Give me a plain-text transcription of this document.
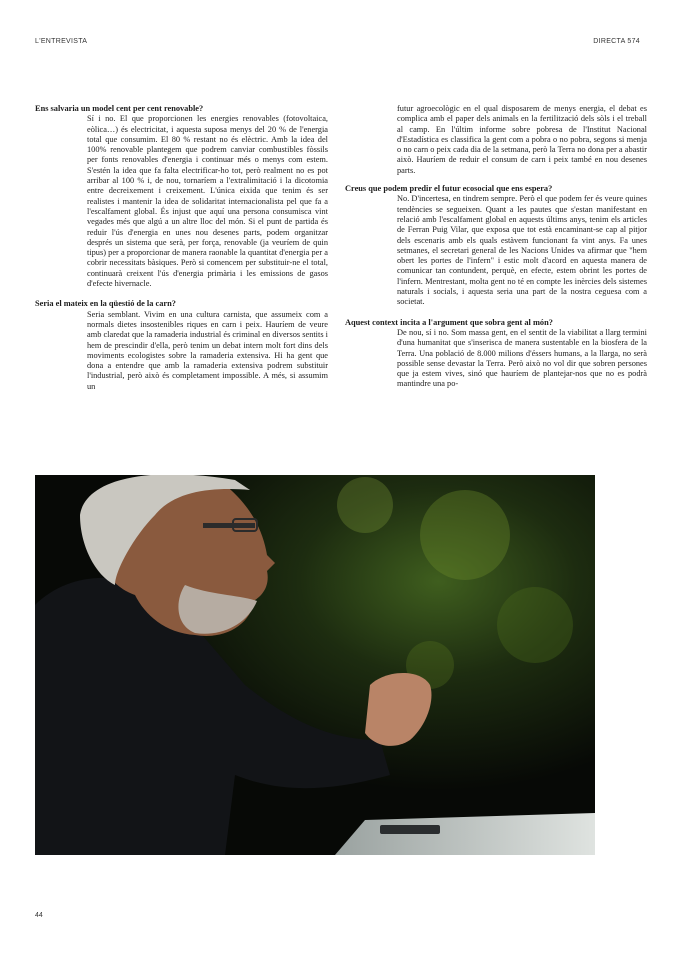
L'ENTREVISTA	DIRECTA 574

Ens salvaria un model cent per cent renovable?

Sí i no. El que proporcionen les energies renovables (fotovoltaica, eòlica…) és electricitat, i aquesta suposa menys del 20 % de l'energia total que consumim. El 80 % restant no és elèctric. Amb la idea del 100% renovable plantegem que podrem canviar combustibles fòssils per fonts renovables d'energia i continuar més o menys com estem. S'estén la idea que fa falta electrificar-ho tot, però realment no es pot arribar al 100 % i, de nou, tornaríem a l'extralimitació i la dicotomia entre decreixement i creixement. L'única eixida que tenim és ser realistes i mantenir la idea de solidaritat internacionalista pel que fa a l'escalfament global. És injust que aquí una persona consumisca vint vegades més que algú a un altre lloc del món. Si el punt de partida és reduir l'ús d'energia en unes nou desenes parts, podem organitzar després un sistema que serà, per força, renovable (ja veuríem de quin tipus) per a proporcionar de manera raonable la quantitat d'energia per a cobrir necessitats bàsiques. Però si comencem per substituir-ne el total, continuarà creixent l'ús d'energia primària i les emissions de gasos d'efecte hivernacle.

Seria el mateix en la qüestió de la carn?

Seria semblant. Vivim en una cultura carnista, que assumeix com a normals dietes insostenibles riques en carn i peix. Hauríem de veure amb claredat que la ramaderia industrial és criminal en diversos sentits i hem de prescindir d'ella, però tenim un debat intern molt fort dins dels moviments ecologistes sobre la ramaderia extensiva. Hi ha gent que dona a entendre que amb la ramaderia extensiva podrem substituir l'industrial, però això és completament impossible. A més, si assumim un

futur agroecològic en el qual disposarem de menys energia, el debat es complica amb el paper dels animals en la fertilització dels sòls i el treball al camp. En l'últim informe sobre pobresa de l'Institut Nacional d'Estadística es classifica la gent com a pobra o no pobra, segons si menja o no carn o peix cada dia de la setmana, però la Terra no dona per a abastir això. Hauríem de reduir el consum de carn i peix també en nou desenes parts.

Creus que podem predir el futur ecosocial que ens espera?

No. D'incertesa, en tindrem sempre. Però el que podem fer és veure quines tendències se segueixen. Quant a les pautes que s'estan manifestant en relació amb l'escalfament global en aquests últims anys, tenim els articles de Ferran Puig Vilar, que exposa que tot està encaminant-se cap al pitjor dels escenaris amb els quals estàvem funcionant fa vint anys. Fa unes setmanes, el secretari general de les Nacions Unides va afirmar que "hem obert les portes de l'infern" i estic molt d'acord en aquesta manera de comunicar tan contundent, perquè, en efecte, estem obrint les portes de l'infern. Mentrestant, molta gent no té en compte les inèrcies dels sistemes naturals i socials, i aquesta seria una part de la nostra ceguesa com a societat.

Aquest context incita a l'argument que sobra gent al món?

De nou, sí i no. Som massa gent, en el sentit de la viabilitat a llarg termini d'una humanitat que s'inserisca de manera sustentable en la biosfera de la Terra. Una població de 8.000 milions d'éssers humans, a la llarga, no serà possible sense devastar la Terra. Però això no vol dir que sobren persones que ja estem vives, sinó que hauríem de plantejar-nos que no es podrà mantindre una po-

44
